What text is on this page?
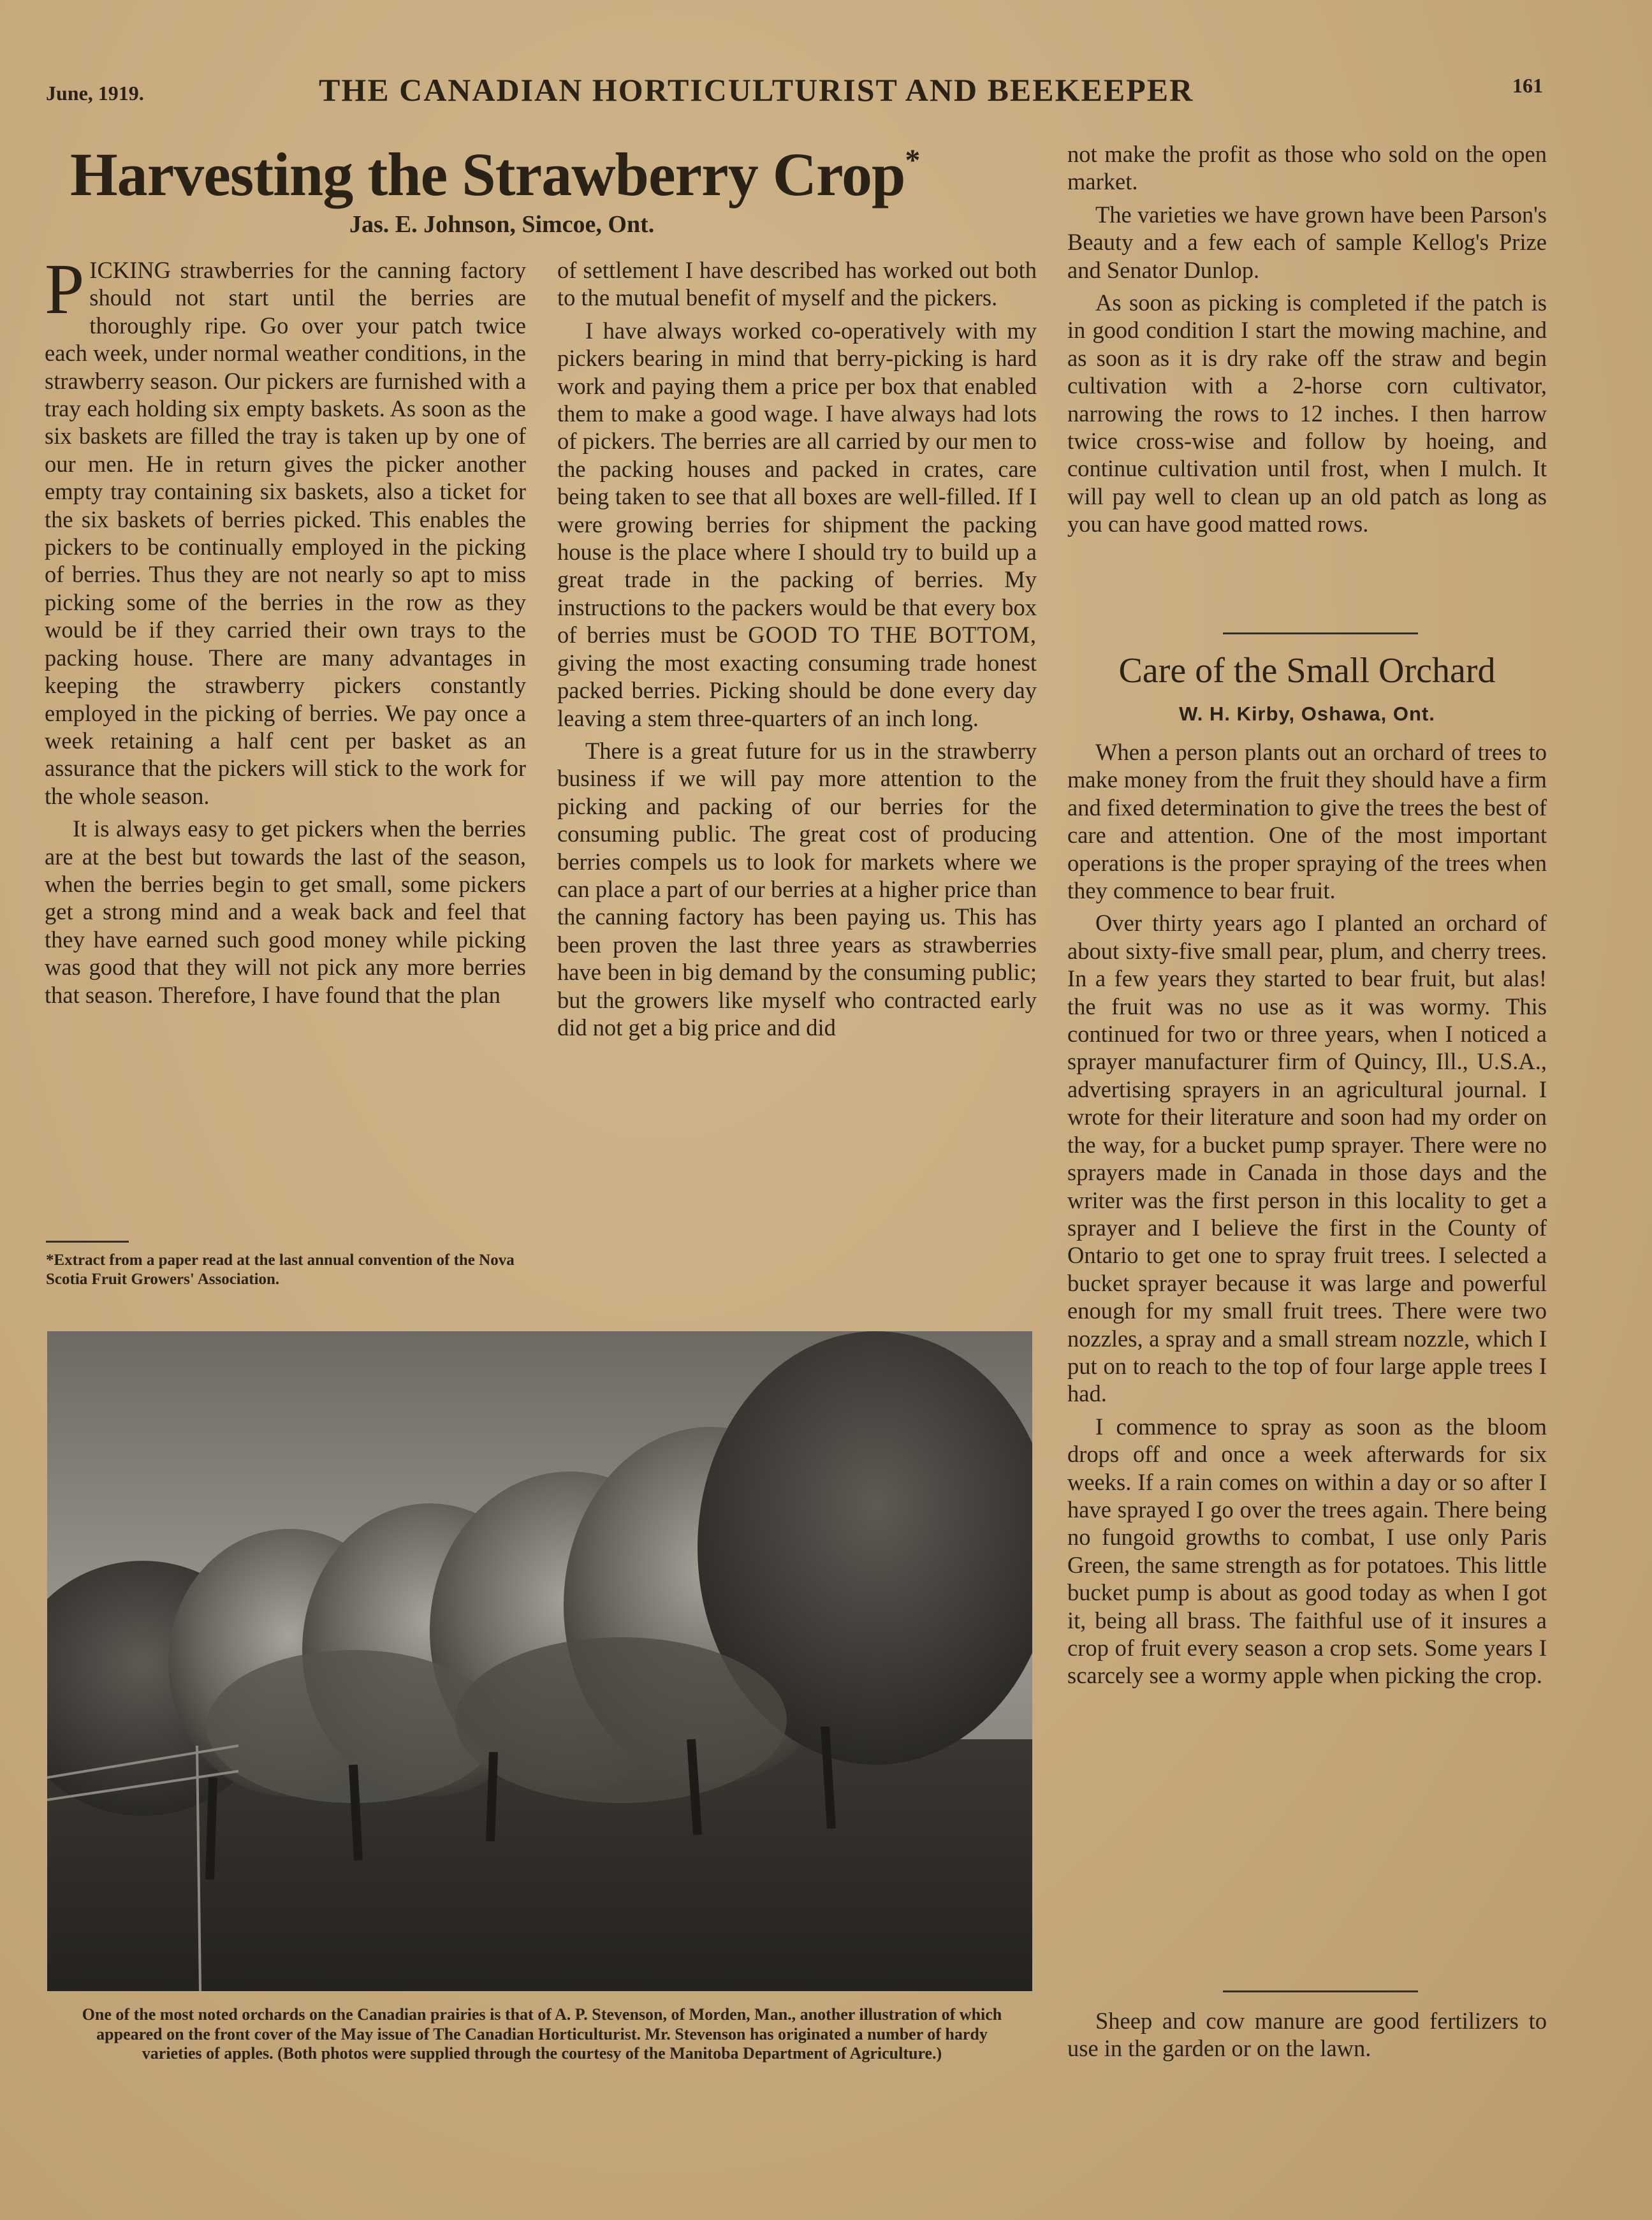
June, 1919.	THE CANADIAN HORTICULTURIST AND BEEKEEPER	161
Harvesting the Strawberry Crop*
Jas. E. Johnson, Simcoe, Ont.

PICKING strawberries for the canning factory should not start until the berries are thoroughly ripe. Go over your patch twice each week, under normal weather conditions, in the strawberry season. Our pickers are furnished with a tray each holding six empty baskets. As soon as the six baskets are filled the tray is taken up by one of our men. He in return gives the picker another empty tray containing six baskets, also a ticket for the six baskets of berries picked. This enables the pickers to be continually employed in the picking of berries. Thus they are not nearly so apt to miss picking some of the berries in the row as they would be if they carried their own trays to the packing house. There are many advantages in keeping the strawberry pickers constantly employed in the picking of berries. We pay once a week retaining a half cent per basket as an assurance that the pickers will stick to the work for the whole season.

It is always easy to get pickers when the berries are at the best but towards the last of the season, when the berries begin to get small, some pickers get a strong mind and a weak back and feel that they have earned such good money while picking was good that they will not pick any more berries that season. Therefore, I have found that the plan

*Extract from a paper read at the last annual convention of the Nova Scotia Fruit Growers' Association.

of settlement I have described has worked out both to the mutual benefit of myself and the pickers.

I have always worked co-operatively with my pickers bearing in mind that berry-picking is hard work and paying them a price per box that enabled them to make a good wage. I have always had lots of pickers. The berries are all carried by our men to the packing houses and packed in crates, care being taken to see that all boxes are well-filled. If I were growing berries for shipment the packing house is the place where I should try to build up a great trade in the packing of berries. My instructions to the packers would be that every box of berries must be GOOD TO THE BOTTOM, giving the most exacting consuming trade honest packed berries. Picking should be done every day leaving a stem three-quarters of an inch long.

There is a great future for us in the strawberry business if we will pay more attention to the picking and packing of our berries for the consuming public. The great cost of producing berries compels us to look for markets where we can place a part of our berries at a higher price than the canning factory has been paying us. This has been proven the last three years as strawberries have been in big demand by the consuming public; but the growers like myself who contracted early did not get a big price and did

not make the profit as those who sold on the open market.

The varieties we have grown have been Parson's Beauty and a few each of sample Kellog's Prize and Senator Dunlop.

As soon as picking is completed if the patch is in good condition I start the mowing machine, and as soon as it is dry rake off the straw and begin cultivation with a 2-horse corn cultivator, narrowing the rows to 12 inches. I then harrow twice cross-wise and follow by hoeing, and continue cultivation until frost, when I mulch. It will pay well to clean up an old patch as long as you can have good matted rows.

Care of the Small Orchard
W. H. Kirby, Oshawa, Ont.

When a person plants out an orchard of trees to make money from the fruit they should have a firm and fixed determination to give the trees the best of care and attention. One of the most important operations is the proper spraying of the trees when they commence to bear fruit.

Over thirty years ago I planted an orchard of about sixty-five small pear, plum, and cherry trees. In a few years they started to bear fruit, but alas! the fruit was no use as it was wormy. This continued for two or three years, when I noticed a sprayer manufacturer firm of Quincy, Ill., U.S.A., advertising sprayers in an agricultural journal. I wrote for their literature and soon had my order on the way, for a bucket pump sprayer. There were no sprayers made in Canada in those days and the writer was the first person in this locality to get a sprayer and I believe the first in the County of Ontario to get one to spray fruit trees. I selected a bucket sprayer because it was large and powerful enough for my small fruit trees. There were two nozzles, a spray and a small stream nozzle, which I put on to reach to the top of four large apple trees I had.

I commence to spray as soon as the bloom drops off and once a week afterwards for six weeks. If a rain comes on within a day or so after I have sprayed I go over the trees again. There being no fungoid growths to combat, I use only Paris Green, the same strength as for potatoes. This little bucket pump is about as good today as when I got it, being all brass. The faithful use of it insures a crop of fruit every season a crop sets. Some years I scarcely see a wormy apple when picking the crop.

Sheep and cow manure are good fertilizers to use in the garden or on the lawn.

One of the most noted orchards on the Canadian prairies is that of A. P. Stevenson, of Morden, Man., another illustration of which appeared on the front cover of the May issue of The Canadian Horticulturist. Mr. Stevenson has originated a number of hardy varieties of apples. (Both photos were supplied through the courtesy of the Manitoba Department of Agriculture.)
